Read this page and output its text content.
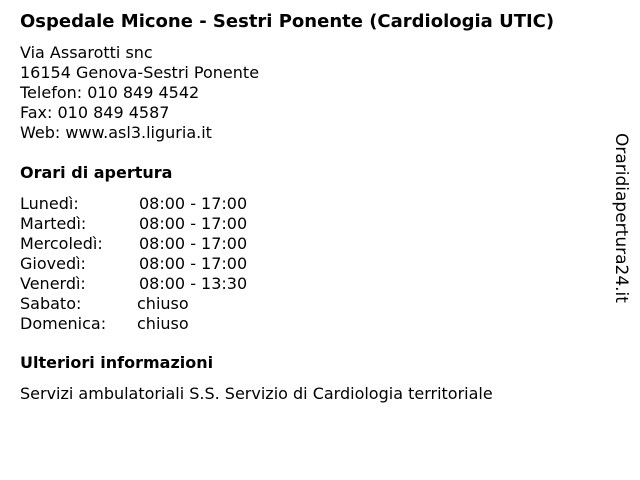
Ospedale Micone - Sestri Ponente (Cardiologia UTIC)
Via Assarotti snc
16154 Genova-Sestri Ponente
Telefon: 010 849 4542
Fax: 010 849 4587
Web: www.asl3.liguria.it
Orari di apertura
Lunedì:	08:00 - 17:00
Martedì:	08:00 - 17:00
Mercoledì: 08:00 - 17:00
Giovedì:	08:00 - 17:00
Venerdì:	08:00 - 13:30
Sabato:	chiuso
Domenica: chiuso
Ulteriori informazioni
Servizi ambulatoriali S.S. Servizio di Cardiologia territoriale
Oraridiapertura24.it
